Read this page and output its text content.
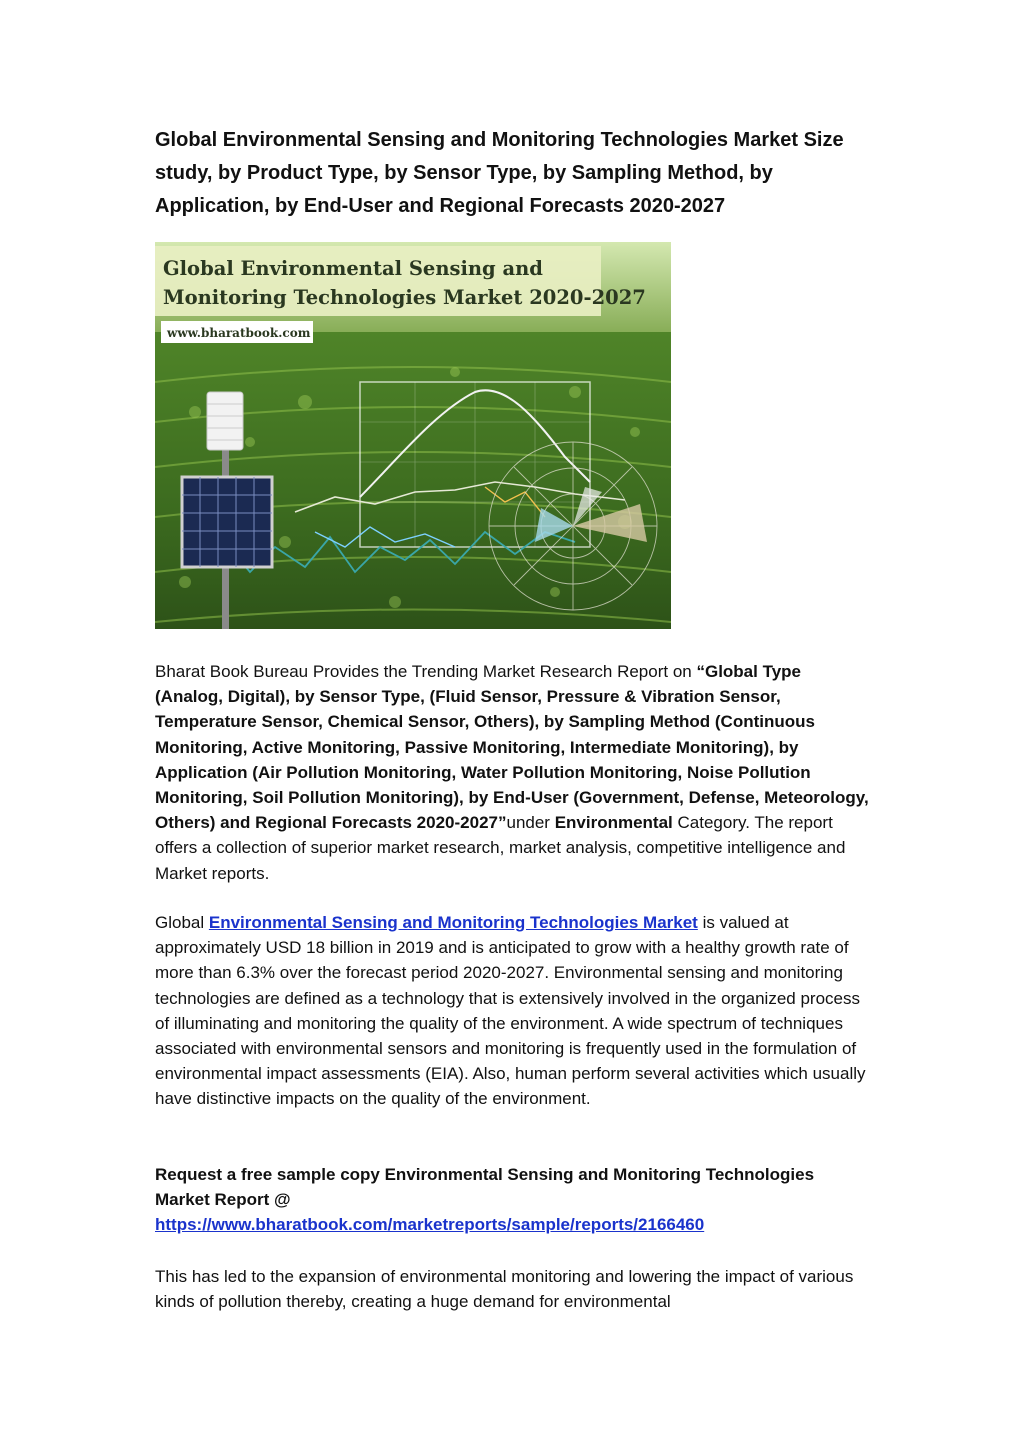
Global Environmental Sensing and Monitoring Technologies Market Size study, by Product Type, by Sensor Type, by Sampling Method, by Application, by End-User and Regional Forecasts 2020-2027
Global Environmental Sensing and
Monitoring Technologies Market 2020-2027
www.bharatbook.com

Bharat Book Bureau Provides the Trending Market Research Report on “Global Type (Analog, Digital), by Sensor Type, (Fluid Sensor, Pressure & Vibration Sensor, Temperature Sensor, Chemical Sensor, Others), by Sampling Method (Continuous Monitoring, Active Monitoring, Passive Monitoring, Intermediate Monitoring), by Application (Air Pollution Monitoring, Water Pollution Monitoring, Noise Pollution Monitoring, Soil Pollution Monitoring), by End-User (Government, Defense, Meteorology, Others) and Regional Forecasts 2020-2027”under Environmental Category. The report offers a collection of superior market research, market analysis, competitive intelligence and Market reports.

Global Environmental Sensing and Monitoring Technologies Market is valued at approximately USD 18 billion in 2019 and is anticipated to grow with a healthy growth rate of more than 6.3% over the forecast period 2020-2027. Environmental sensing and monitoring technologies are defined as a technology that is extensively involved in the organized process of illuminating and monitoring the quality of the environment. A wide spectrum of techniques associated with environmental sensors and monitoring is frequently used in the formulation of environmental impact assessments (EIA). Also, human perform several activities which usually have distinctive impacts on the quality of the environment.

Request a free sample copy Environmental Sensing and Monitoring Technologies Market Report @
https://www.bharatbook.com/marketreports/sample/reports/2166460

This has led to the expansion of environmental monitoring and lowering the impact of various kinds of pollution thereby, creating a huge demand for environmental
